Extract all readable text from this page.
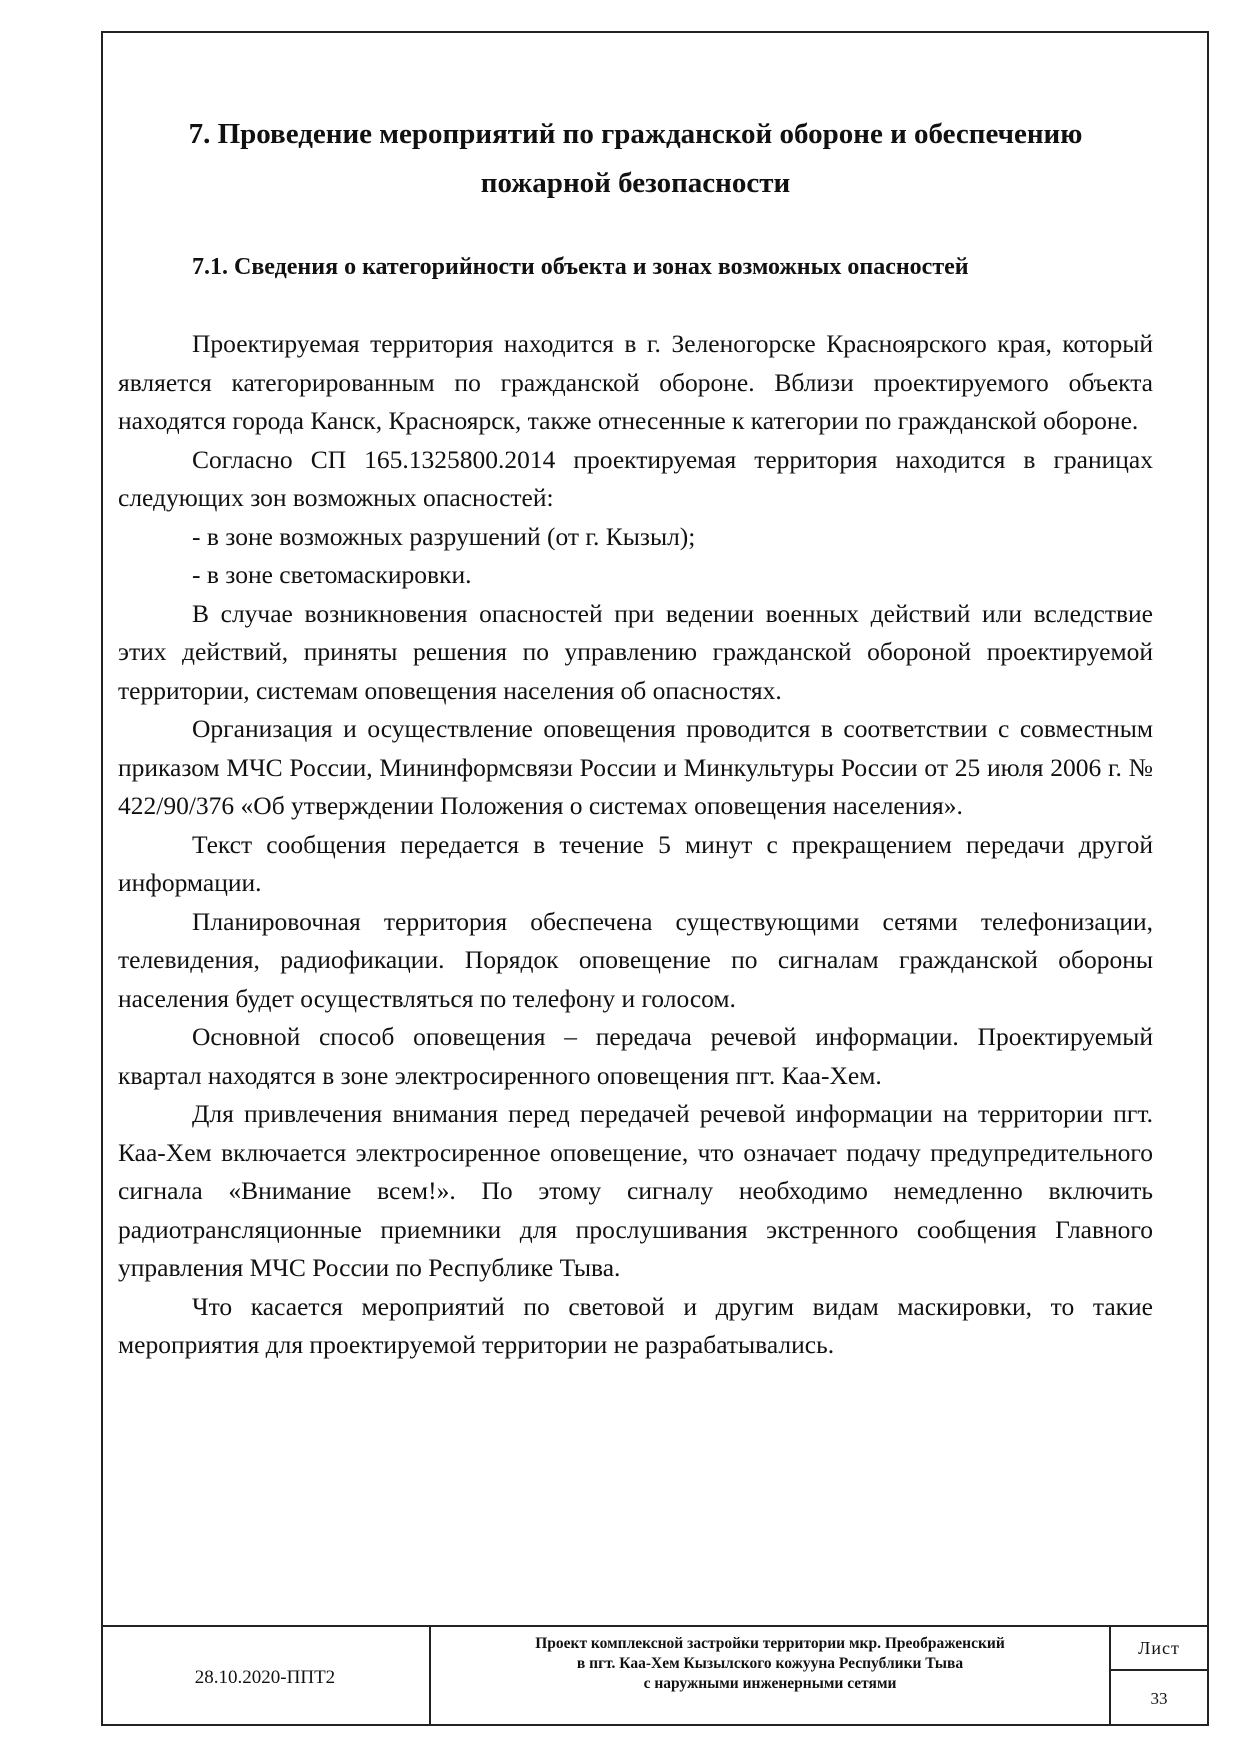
7. Проведение мероприятий по гражданской обороне и обеспечению
пожарной безопасности
7.1. Сведения о категорийности объекта и зонах возможных опасностей

Проектируемая территория находится в г. Зеленогорске Красноярского края, который является категорированным по гражданской обороне. Вблизи проектируемого объекта находятся города Канск, Красноярск, также отнесенные к категории по гражданской обороне.

Согласно СП 165.1325800.2014 проектируемая территория находится в границах следующих зон возможных опасностей:

- в зоне возможных разрушений (от г. Кызыл);

- в зоне светомаскировки.

В случае возникновения опасностей при ведении военных действий или вследствие этих действий, приняты решения по управлению гражданской обороной проектируемой территории, системам оповещения населения об опасностях.

Организация и осуществление оповещения проводится в соответствии с совместным приказом МЧС России, Мининформсвязи России и Минкультуры России от 25 июля 2006 г. № 422/90/376 «Об утверждении Положения о системах оповещения населения».

Текст сообщения передается в течение 5 минут с прекращением передачи другой информации.

Планировочная территория обеспечена существующими сетями телефонизации, телевидения, радиофикации. Порядок оповещение по сигналам гражданской обороны населения будет осуществляться по телефону и голосом.

Основной способ оповещения – передача речевой информации. Проектируемый квартал находятся в зоне электросиренного оповещения пгт. Каа-Хем.

Для привлечения внимания перед передачей речевой информации на территории пгт. Каа-Хем включается электросиренное оповещение, что означает подачу предупредительного сигнала «Внимание всем!». По этому сигналу необходимо немедленно включить радиотрансляционные приемники для прослушивания экстренного сообщения Главного управления МЧС России по Республике Тыва.

Что касается мероприятий по световой и другим видам маскировки, то такие мероприятия для проектируемой территории не разрабатывались.

28.10.2020-ППТ2
Проект комплексной застройки территории мкр. Преображенский
в пгт. Каа-Хем Кызылского кожууна Республики Тыва
с наружными инженерными сетями
Лист
33
